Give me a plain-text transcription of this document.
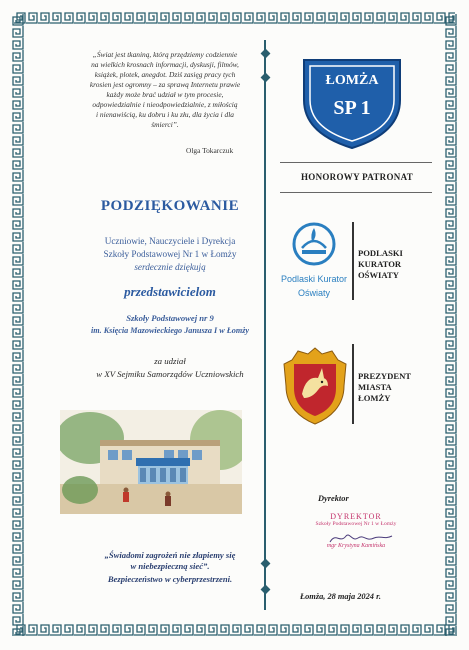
„Świat jest tkaniną, którą przędziemy codziennie
na wielkich krosnach informacji, dyskusji, filmów,
książek, plotek, anegdot. Dziś zasięg pracy tych
krosien jest ogromny – za sprawą Internetu prawie
każdy może brać udział w tym procesie,
odpowiedzialnie i nieodpowiedzialnie, z miłością
i nienawiścią, ku dobru i ku złu, dla życia i dla
śmierci”.
Olga Tokarczuk
PODZIĘKOWANIE
Uczniowie, Nauczyciele i Dyrekcja
Szkoły Podstawowej Nr 1 w Łomży
serdecznie dziękują
przedstawicielom
Szkoły Podstawowej nr 9
im. Księcia Mazowieckiego Janusza I w Łomży
za udział
w XV Sejmiku Samorządów Uczniowskich
„Świadomi zagrożeń nie złapiemy się
w niebezpieczną sieć”.
Bezpieczeństwo w cyberprzestrzeni.
ŁOMŻA
SP 1
HONOROWY PATRONAT
Podlaski Kurator
Oświaty
PODLASKI
KURATOR
OŚWIATY
PREZYDENT
MIASTA
ŁOMŻY
Dyrektor
DYREKTOR
Szkoły Podstawowej Nr 1 w Łomży
mgr Krystyna Kamińska
Łomża, 28 maja 2024 r.
